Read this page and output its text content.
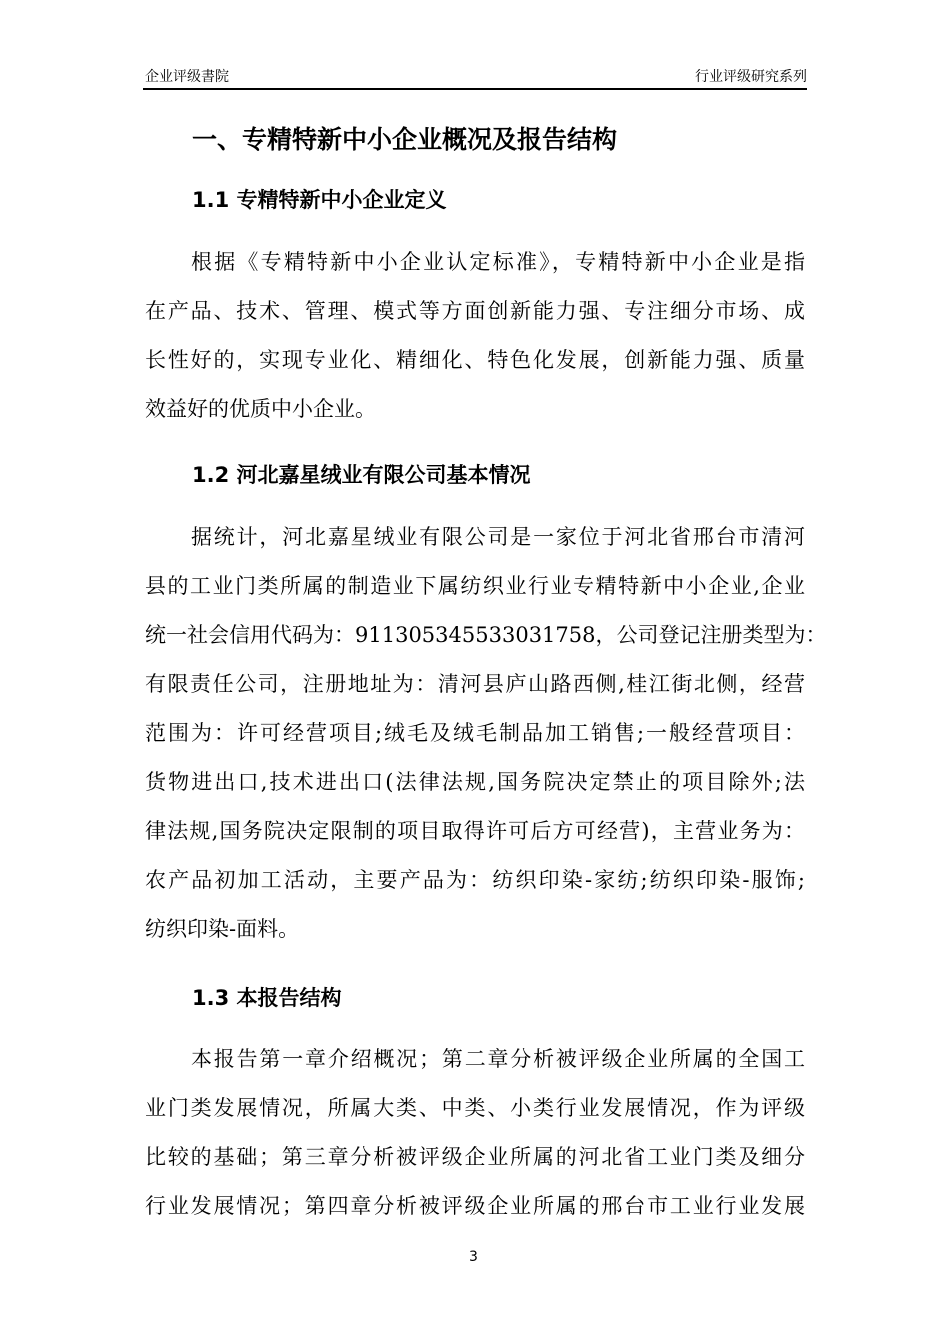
企业评级書院	行业评级研究系列
一、专精特新中小企业概况及报告结构
1.1 专精特新中小企业定义
根据《专精特新中小企业认定标准》，专精特新中小企业是指
在产品、技术、管理、模式等方面创新能力强、专注细分市场、成
长性好的，实现专业化、精细化、特色化发展，创新能力强、质量
效益好的优质中小企业。
1.2 河北嘉星绒业有限公司基本情况
据统计，河北嘉星绒业有限公司是一家位于河北省邢台市清河
县的工业门类所属的制造业下属纺织业行业专精特新中小企业,企业
统一社会信用代码为：911305345533031758，公司登记注册类型为：
有限责任公司，注册地址为：清河县庐山路西侧,桂江街北侧，经营
范围为：许可经营项目;绒毛及绒毛制品加工销售;一般经营项目：
货物进出口,技术进出口(法律法规,国务院决定禁止的项目除外;法
律法规,国务院决定限制的项目取得许可后方可经营)，主营业务为：
农产品初加工活动，主要产品为：纺织印染-家纺;纺织印染-服饰;
纺织印染-面料。
1.3 本报告结构
本报告第一章介绍概况；第二章分析被评级企业所属的全国工
业门类发展情况，所属大类、中类、小类行业发展情况，作为评级
比较的基础；第三章分析被评级企业所属的河北省工业门类及细分
行业发展情况；第四章分析被评级企业所属的邢台市工业行业发展
3
